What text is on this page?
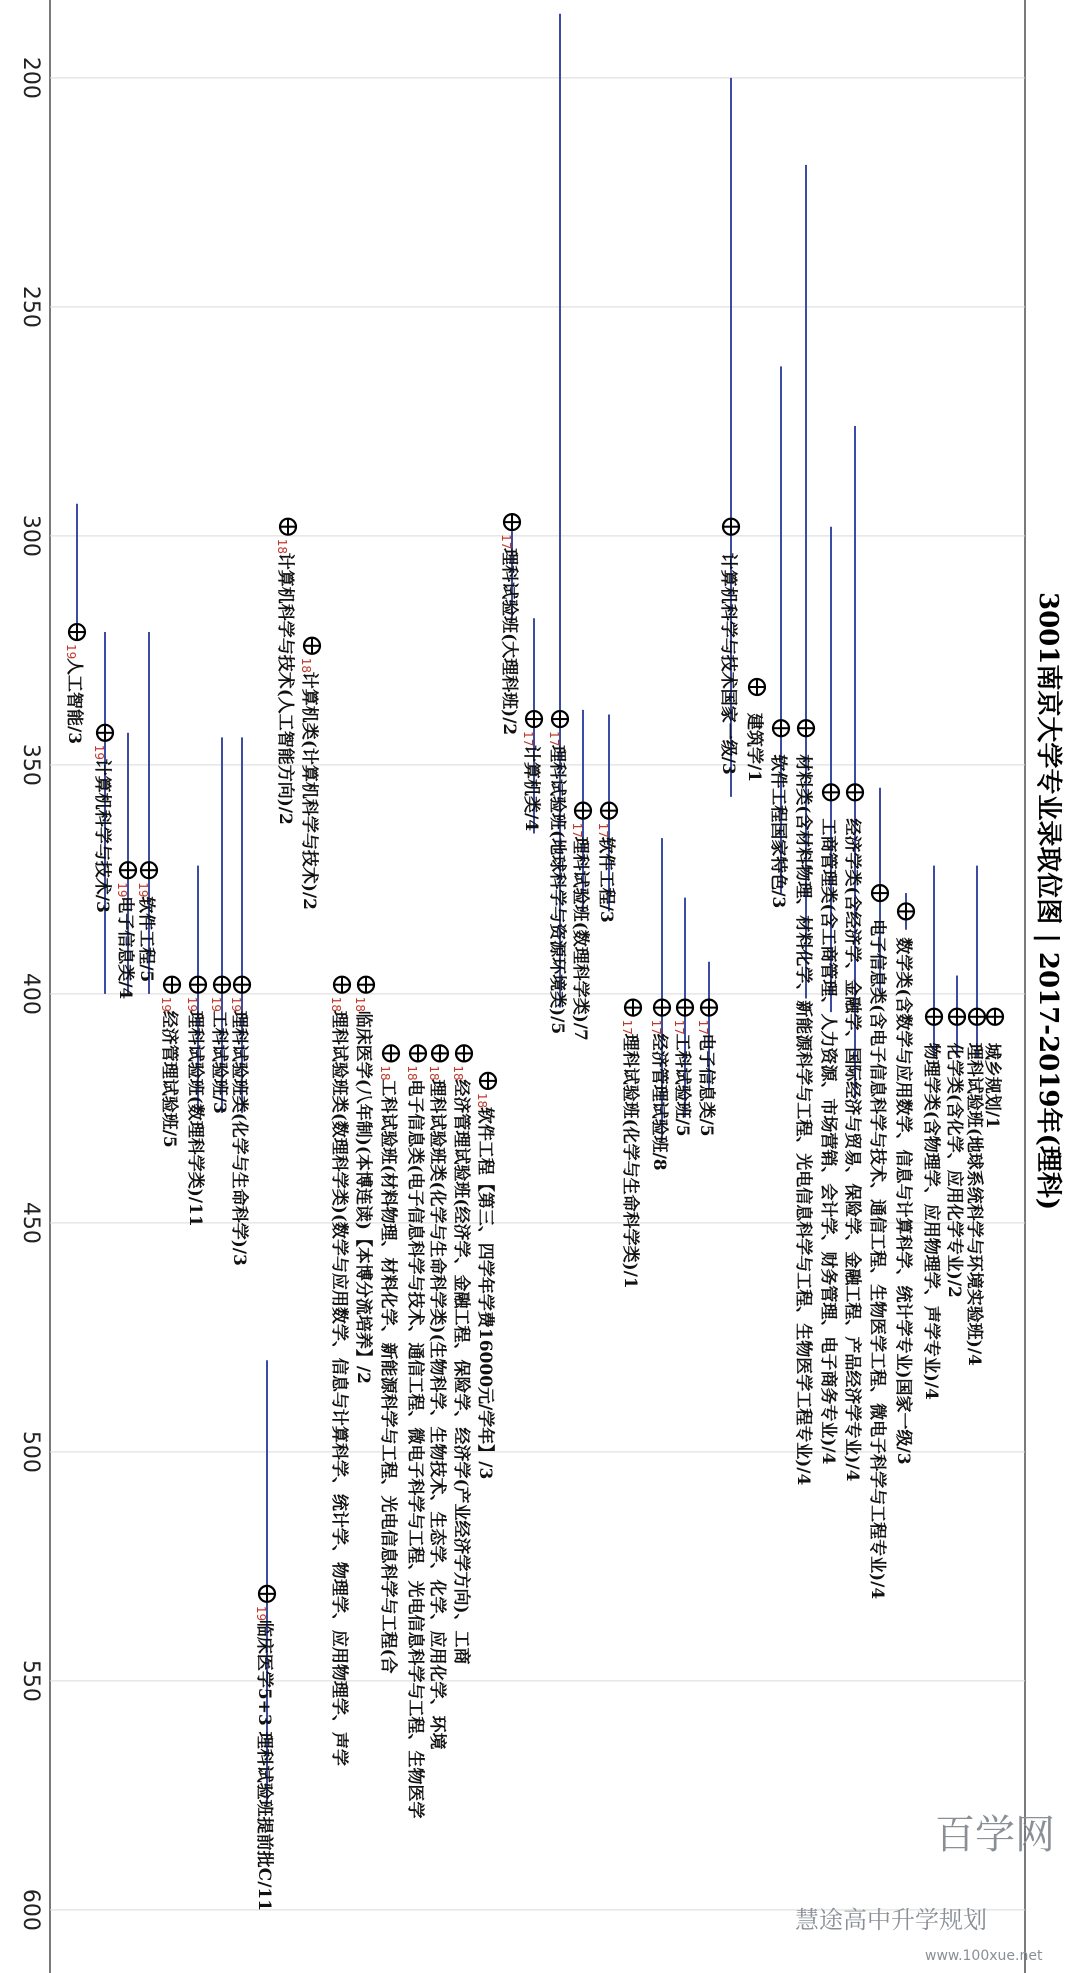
200
250
300
350
400
450
500
550
600
城乡规划/1
理科试验班(地球系统科学与环境实验班)/4
化学类(含化学、应用化学专业)/2
物理学类(含物理学、应用物理学、声学专业)/4
数学类(含数学与应用数学、信息与计算科学、统计学专业)国家一级/3
电子信息类(含电子信息科学与技术、通信工程、生物医学工程、微电子科学与工程专业)/4
经济学类(含经济学、金融学、国际经济与贸易、保险学、金融工程、产品经济学专业)/4
工商管理类(含工商管理、人力资源、市场营销、会计学、财务管理、电子商务专业)/4
材料类(含材料物理、材料化学、新能源科学与工程、光电信息科学与工程、生物医学工程专业)/4
软件工程国家特色/3
建筑学/1
计算机科学与技术国家一级/3
17
电子信息类/5
17
工科试验班/5
17
经济管理试验班/8
17
理科试验班(化学与生命科学类)/1
17
软件工程/3
17
理科试验班(数理科学类)/7
17
理科试验班(地球科学与资源环境类)/5
17
计算机类/4
17
理科试验班(大理科班)/2
18
软件工程【第三、四学年学费16000元/学年】/3
18
经济管理试验班(经济学、金融工程、保险学、经济学(产业经济学方向)、工商
18
理科试验班类(化学与生命科学类)(生物科学、生物技术、生态学、化学、应用化学、环境
18
电子信息类(电子信息科学与技术、通信工程、微电子科学与工程、光电信息科学与工程、生物医学
18
工科试验班(材料物理、材料化学、新能源科学与工程、光电信息科学与工程(合
18
临床医学(八年制)(本博连读)【本博分流培养】/2
18
理科试验班类(数理科学类)(数学与应用数学、信息与计算科学、统计学、物理学、应用物理学、声学
18
计算机类(计算机科学与技术)/2
18
计算机科学与技术(人工智能方向)/2
19
理科试验班类(化学与生命科学)/3
19
工科试验班/3
19
理科试验班(数理科学类)/11
19
经济管理试验班/5
19
软件工程/5
19
电子信息类/4
19
计算机科学与技术/3
19
人工智能/3
19
临床医学5+3 理科试验班提前批C/11
3001南京大学专业录取位图 | 2017-2019年(理科)
百学网
慧途高中升学规划
www.100xue.net
